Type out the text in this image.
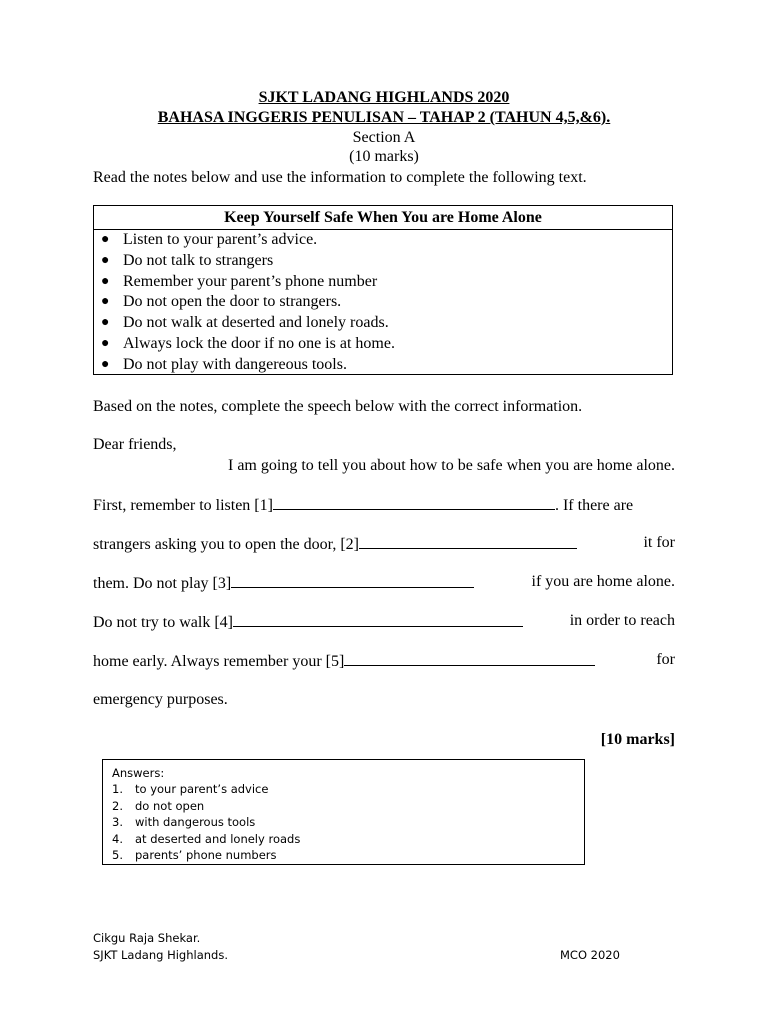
SJKT LADANG HIGHLANDS 2020
BAHASA INGGERIS PENULISAN – TAHAP 2 (TAHUN 4,5,&6).
Section A
(10 marks)
Read the notes below and use the information to complete the following text.
Keep Yourself Safe When You are Home Alone
● Listen to your parent’s advice.
● Do not talk to strangers
● Remember your parent’s phone number
● Do not open the door to strangers.
● Do not walk at deserted and lonely roads.
● Always lock the door if no one is at home.
● Do not play with dangereous tools.
Based on the notes, complete the speech below with the correct information.
Dear friends,
I am going to tell you about how to be safe when you are home alone.
First, remember to listen [1]	. If there are
strangers asking you to open the door, [2]	it for
them. Do not play [3]	if you are home alone.
Do not try to walk [4]	in order to reach
home early. Always remember your [5]	for
emergency purposes.
[10 marks]
Answers:
1.	to your parent’s advice
2.	do not open
3.	with dangerous tools
4.	at deserted and lonely roads
5.	parents’ phone numbers
Cikgu Raja Shekar.
SJKT Ladang Highlands.	MCO 2020
